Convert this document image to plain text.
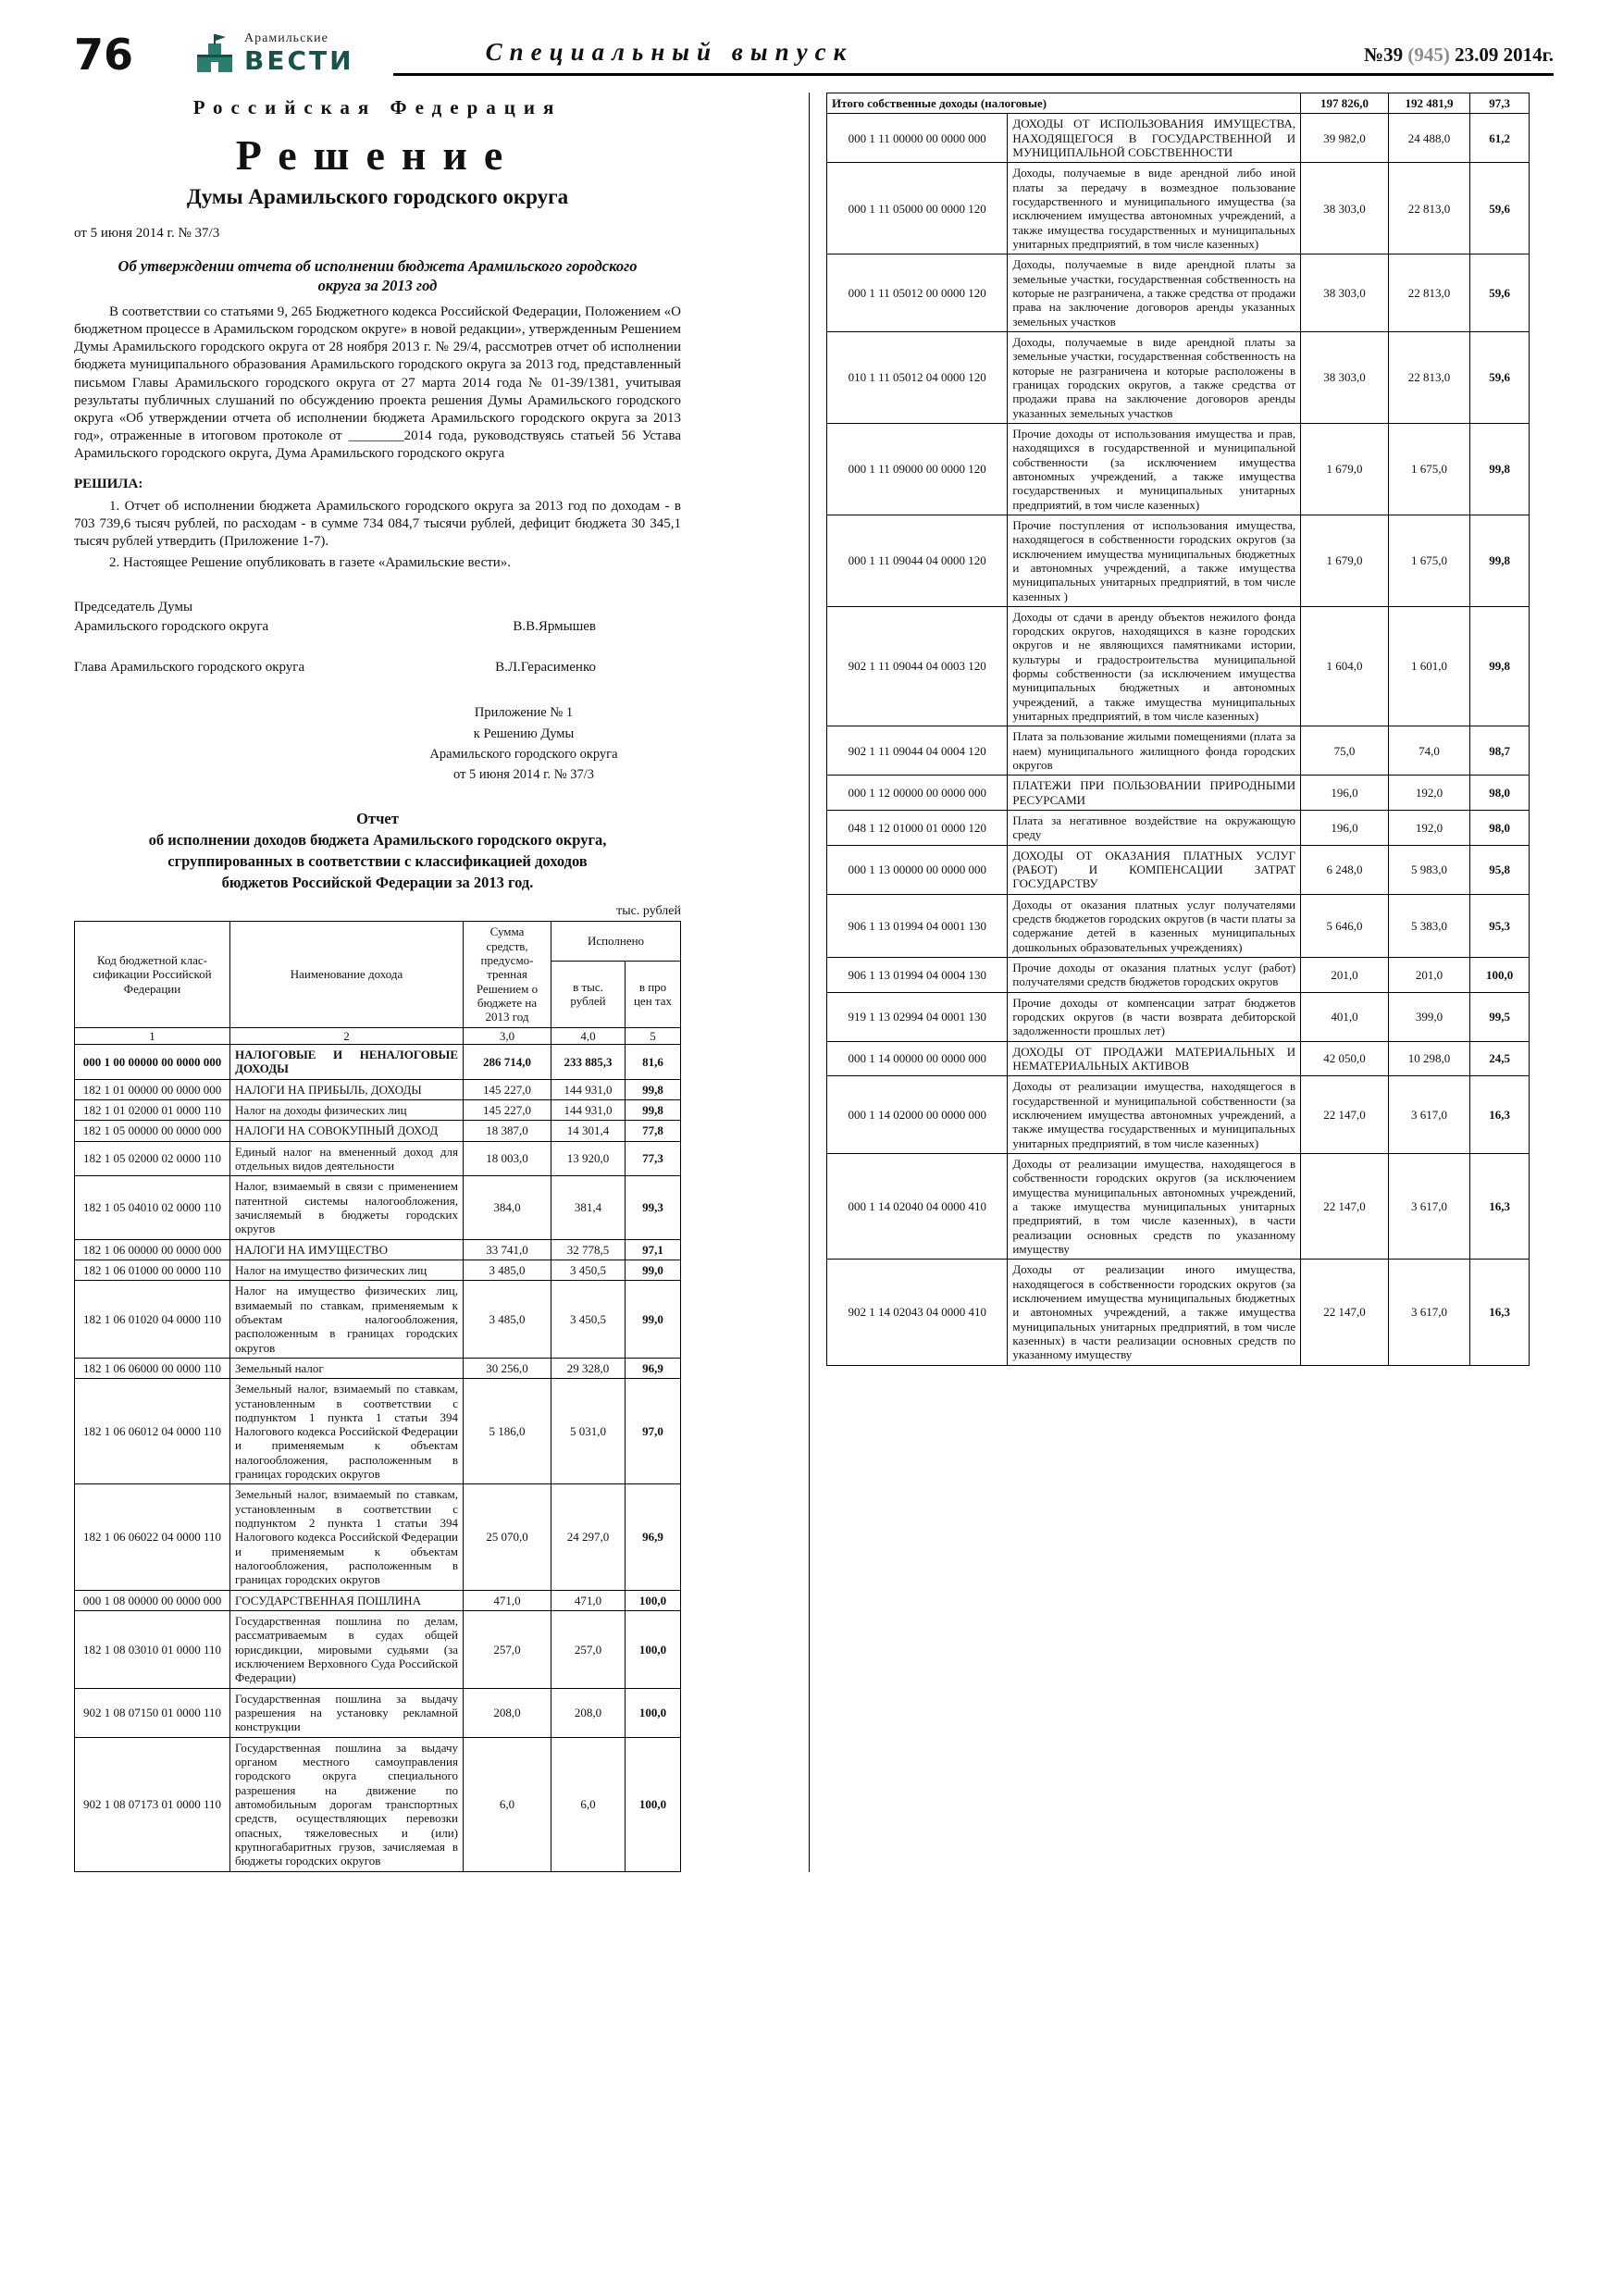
76	Арамильские
ВЕСТИ	Специальный выпуск	№39 (945) 23.09 2014г.
Российская Федерация
Решение
Думы Арамильского городского округа
от 5 июня 2014 г. № 37/3
Об утверждении отчета об исполнении бюджета Арамильского городского округа за 2013 год

В соответствии со статьями 9, 265 Бюджетного кодекса Российской Федерации, Положением «О бюджетном процессе в Арамильском городском округе» в новой редакции», утвержденным Решением Думы Арамильского городского округа от 28 ноября 2013 г. № 29/4, рассмотрев отчет об исполнении бюджета муниципального образования Арамильского городского округа за 2013 год, представленный письмом Главы Арамильского городского округа от 27 марта 2014 года № 01-39/1381, учитывая результаты публичных слушаний по обсуждению проекта решения Думы Арамильского городского округа «Об утверждении отчета об исполнении бюджета Арамильского городского округа за 2013 год», отраженные в итоговом протоколе от ________2014 года, руководствуясь статьей 56 Устава Арамильского городского округа, Дума Арамильского городского округа

РЕШИЛА:

1. Отчет об исполнении бюджета Арамильского городского округа за 2013 год по доходам - в 703 739,6 тысяч рублей, по расходам - в сумме 734 084,7 тысячи рублей, дефицит бюджета 30 345,1 тысяч рублей утвердить (Приложение 1-7).

2. Настоящее Решение опубликовать в газете «Арамильские вести».

Председатель Думы
Арамильского городского округа	В.В.Ярмышев
Глава Арамильского городского округа	В.Л.Герасименко
Приложение № 1
к Решению Думы
Арамильского городского округа
от 5 июня 2014 г. № 37/3
Отчет
об исполнении доходов бюджета Арамильского городского округа,
сгруппированных в соответствии с классификацией доходов
бюджетов Российской Федерации за 2013 год.
тыс. рублей
Код бюджетной клас-сификации Российской Федерации	Наименование дохода	Сумма средств, предусмо-тренная Решением о бюджете на 2013 год	Исполнено	
			в тыс. рублей	в про цен тах
1	2	3,0	4,0	5
000 1 00 00000 00 0000 000	НАЛОГОВЫЕ И НЕНАЛОГОВЫЕ ДОХОДЫ	286 714,0	233 885,3	81,6
182 1 01 00000 00 0000 000	НАЛОГИ НА ПРИБЫЛЬ, ДОХОДЫ	145 227,0	144 931,0	99,8
182 1 01 02000 01 0000 110	Налог на доходы физических лиц	145 227,0	144 931,0	99,8
182 1 05 00000 00 0000 000	НАЛОГИ НА СОВОКУПНЫЙ ДОХОД	18 387,0	14 301,4	77,8
182 1 05 02000 02 0000 110	Единый налог на вмененный доход для отдельных видов деятельности	18 003,0	13 920,0	77,3
182 1 05 04010 02 0000 110	Налог, взимаемый в связи с применением патентной системы налогообложения, зачисляемый в бюджеты городских округов	384,0	381,4	99,3
182 1 06 00000 00 0000 000	НАЛОГИ НА ИМУЩЕСТВО	33 741,0	32 778,5	97,1
182 1 06 01000 00 0000 110	Налог на имущество физических лиц	3 485,0	3 450,5	99,0
182 1 06 01020 04 0000 110	Налог на имущество физических лиц, взимаемый по ставкам, применяемым к объектам налогообложения, расположенным в границах городских округов	3 485,0	3 450,5	99,0
182 1 06 06000 00 0000 110	Земельный налог	30 256,0	29 328,0	96,9
182 1 06 06012 04 0000 110	Земельный налог, взимаемый по ставкам, установленным в соответствии с подпунктом 1 пункта 1 статьи 394 Налогового кодекса Российской Федерации и применяемым к объектам налогообложения, расположенным в границах городских округов	5 186,0	5 031,0	97,0
182 1 06 06022 04 0000 110	Земельный налог, взимаемый по ставкам, установленным в соответствии с подпунктом 2 пункта 1 статьи 394 Налогового кодекса Российской Федерации и применяемым к объектам налогообложения, расположенным в границах городских округов	25 070,0	24 297,0	96,9
000 1 08 00000 00 0000 000	ГОСУДАРСТВЕННАЯ ПОШЛИНА	471,0	471,0	100,0
182 1 08 03010 01 0000 110	Государственная пошлина по делам, рассматриваемым в судах общей юрисдикции, мировыми судьями (за исключением Верховного Суда Российской Федерации)	257,0	257,0	100,0
902 1 08 07150 01 0000 110	Государственная пошлина за выдачу разрешения на установку рекламной конструкции	208,0	208,0	100,0
902 1 08 07173 01 0000 110	Государственная пошлина за выдачу органом местного самоуправления городского округа специального разрешения на движение по автомобильным дорогам транспортных средств, осуществляющих перевозки опасных, тяжеловесных и (или) крупногабаритных грузов, зачисляемая в бюджеты городских округов	6,0	6,0	100,0
Итого собственные доходы (налоговые)		197 826,0	192 481,9	97,3
000 1 11 00000 00 0000 000	ДОХОДЫ ОТ ИСПОЛЬЗОВАНИЯ ИМУЩЕСТВА, НАХОДЯЩЕГОСЯ В ГОСУДАРСТВЕННОЙ И МУНИЦИПАЛЬНОЙ СОБСТВЕННОСТИ	39 982,0	24 488,0	61,2
000 1 11 05000 00 0000 120	Доходы, получаемые в виде арендной либо иной платы за передачу в возмездное пользование государственного и муниципального имущества (за исключением имущества автономных учреждений, а также имущества государственных и муниципальных унитарных предприятий, в том числе казенных)	38 303,0	22 813,0	59,6
000 1 11 05012 00 0000 120	Доходы, получаемые в виде арендной платы за земельные участки, государственная собственность на которые не разграничена, а также средства от продажи права на заключение договоров аренды указанных земельных участков	38 303,0	22 813,0	59,6
010 1 11 05012 04 0000 120	Доходы, получаемые в виде арендной платы за земельные участки, государственная собственность на которые не разграничена и которые расположены в границах городских округов, а также средства от продажи права на заключение договоров аренды указанных земельных участков	38 303,0	22 813,0	59,6
000 1 11 09000 00 0000 120	Прочие доходы от использования имущества и прав, находящихся в государственной и муниципальной собственности (за исключением имущества автономных учреждений, а также имущества государственных и муниципальных унитарных предприятий, в том числе казенных)	1 679,0	1 675,0	99,8
000 1 11 09044 04 0000 120	Прочие поступления от использования имущества, находящегося в собственности городских округов (за исключением имущества муниципальных бюджетных и автономных учреждений, а также имущества муниципальных унитарных предприятий, в том числе казенных )	1 679,0	1 675,0	99,8
902 1 11 09044 04 0003 120	Доходы от сдачи в аренду объектов нежилого фонда городских округов, находящихся в казне городских округов и не являющихся памятниками истории, культуры и градостроительства муниципальной формы собственности (за исключением имущества муниципальных бюджетных и автономных учреждений, а также имущества муниципальных унитарных предприятий, в том числе казенных)	1 604,0	1 601,0	99,8
902 1 11 09044 04 0004 120	Плата за пользование жилыми помещениями (плата за наем) муниципального жилищного фонда городских округов	75,0	74,0	98,7
000 1 12 00000 00 0000 000	ПЛАТЕЖИ ПРИ ПОЛЬЗОВАНИИ ПРИРОДНЫМИ РЕСУРСАМИ	196,0	192,0	98,0
048 1 12 01000 01 0000 120	Плата за негативное воздействие на окружающую среду	196,0	192,0	98,0
000 1 13 00000 00 0000 000	ДОХОДЫ ОТ ОКАЗАНИЯ ПЛАТНЫХ УСЛУГ (РАБОТ) И КОМПЕНСАЦИИ ЗАТРАТ ГОСУДАРСТВУ	6 248,0	5 983,0	95,8
906 1 13 01994 04 0001 130	Доходы от оказания платных услуг получателями средств бюджетов городских округов (в части платы за содержание детей в казенных муниципальных дошкольных образовательных учреждениях)	5 646,0	5 383,0	95,3
906 1 13 01994 04 0004 130	Прочие доходы от оказания платных услуг (работ) получателями средств бюджетов городских округов	201,0	201,0	100,0
919 1 13 02994 04 0001 130	Прочие доходы от компенсации затрат бюджетов городских округов (в части возврата дебиторской задолженности прошлых лет)	401,0	399,0	99,5
000 1 14 00000 00 0000 000	ДОХОДЫ ОТ ПРОДАЖИ МАТЕРИАЛЬНЫХ И НЕМАТЕРИАЛЬНЫХ АКТИВОВ	42 050,0	10 298,0	24,5
000 1 14 02000 00 0000 000	Доходы от реализации имущества, находящегося в государственной и муниципальной собственности (за исключением имущества автономных учреждений, а также имущества государственных и муниципальных унитарных предприятий, в том числе казенных)	22 147,0	3 617,0	16,3
000 1 14 02040 04 0000 410	Доходы от реализации имущества, находящегося в собственности городских округов (за исключением имущества муниципальных автономных учреждений, а также имущества муниципальных унитарных предприятий, в том числе казенных), в части реализации основных средств по указанному имуществу	22 147,0	3 617,0	16,3
902 1 14 02043 04 0000 410	Доходы от реализации иного имущества, находящегося в собственности городских округов (за исключением имущества муниципальных бюджетных и автономных учреждений, а также имущества муниципальных унитарных предприятий, в том числе казенных) в части реализации основных средств по указанному имуществу	22 147,0	3 617,0	16,3
